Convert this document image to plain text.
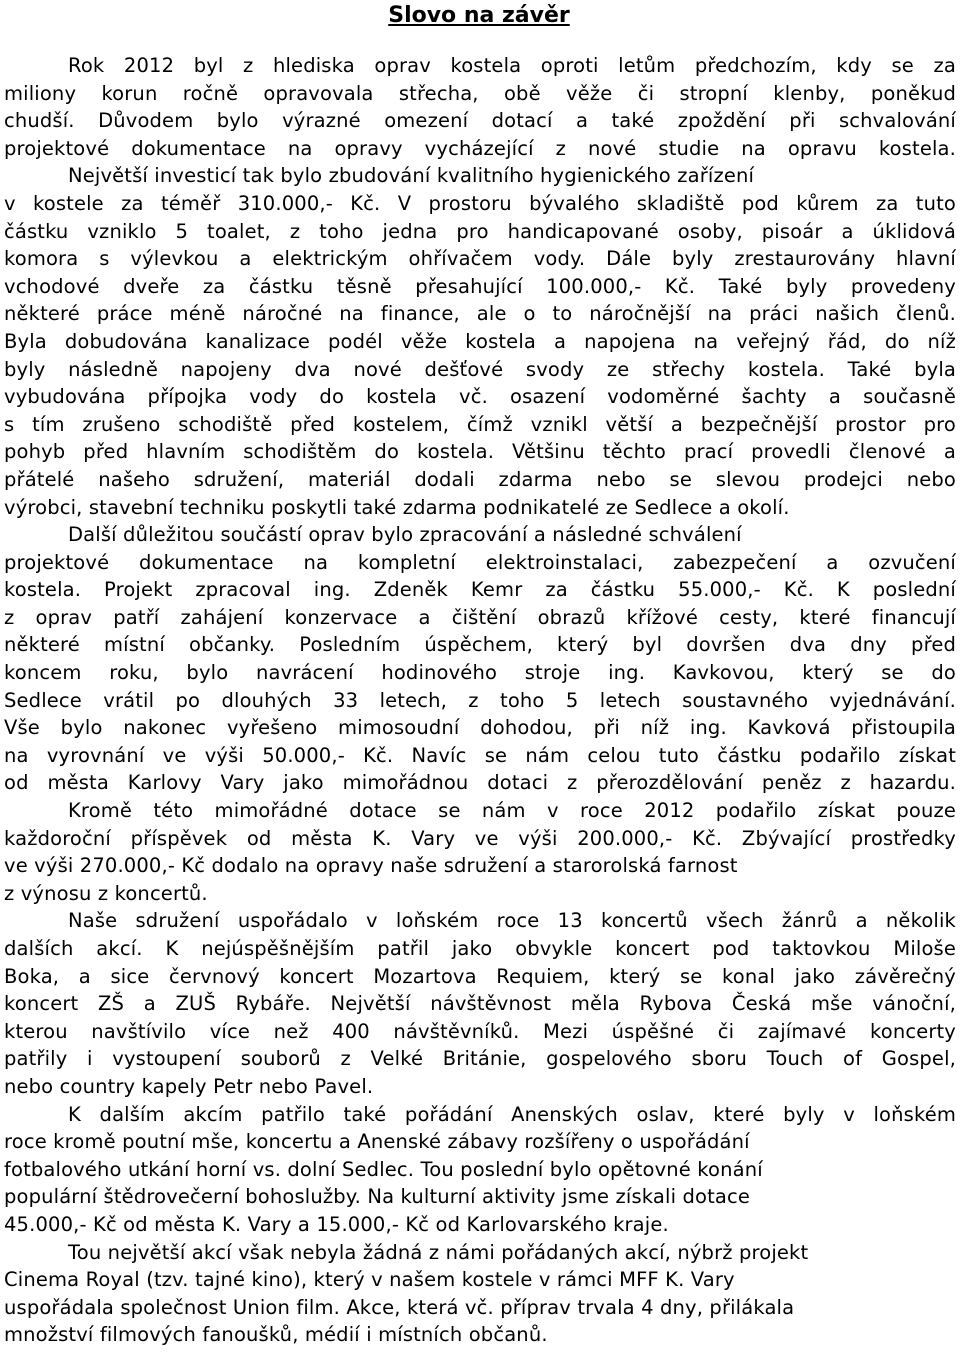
Slovo na závěr
Rok 2012 byl z hlediska oprav kostela oproti letům předchozím, kdy se za
miliony korun ročně opravovala střecha, obě věže či stropní klenby, poněkud
chudší. Důvodem bylo výrazné omezení dotací a také zpoždění při schvalování
projektové dokumentace na opravy vycházející z nové studie na opravu kostela.
Největší investicí tak bylo zbudování kvalitního hygienického zařízení
v kostele za téměř 310.000,- Kč. V prostoru bývalého skladiště pod kůrem za tuto
částku vzniklo 5 toalet, z toho jedna pro handicapované osoby, pisoár a úklidová
komora s výlevkou a elektrickým ohřívačem vody. Dále byly zrestaurovány hlavní
vchodové dveře za částku těsně přesahující 100.000,- Kč. Také byly provedeny
některé práce méně náročné na finance, ale o to náročnější na práci našich členů.
Byla dobudována kanalizace podél věže kostela a napojena na veřejný řád, do níž
byly následně napojeny dva nové dešťové svody ze střechy kostela. Také byla
vybudována přípojka vody do kostela vč. osazení vodoměrné šachty a současně
s tím zrušeno schodiště před kostelem, čímž vznikl větší a bezpečnější prostor pro
pohyb před hlavním schodištěm do kostela. Většinu těchto prací provedli členové a
přátelé našeho sdružení, materiál dodali zdarma nebo se slevou prodejci nebo
výrobci, stavební techniku poskytli také zdarma podnikatelé ze Sedlece a okolí.
Další důležitou součástí oprav bylo zpracování a následné schválení
projektové dokumentace na kompletní elektroinstalaci, zabezpečení a ozvučení
kostela. Projekt zpracoval ing. Zdeněk Kemr za částku 55.000,- Kč. K poslední
z oprav patří zahájení konzervace a čištění obrazů křížové cesty, které financují
některé místní občanky. Posledním úspěchem, který byl dovršen dva dny před
koncem roku, bylo navrácení hodinového stroje ing. Kavkovou, který se do
Sedlece vrátil po dlouhých 33 letech, z toho 5 letech soustavného vyjednávání.
Vše bylo nakonec vyřešeno mimosoudní dohodou, při níž ing. Kavková přistoupila
na vyrovnání ve výši 50.000,- Kč. Navíc se nám celou tuto částku podařilo získat
od města Karlovy Vary jako mimořádnou dotaci z přerozdělování peněz z hazardu.
Kromě této mimořádné dotace se nám v roce 2012 podařilo získat pouze
každoroční příspěvek od města K. Vary ve výši 200.000,- Kč. Zbývající prostředky
ve výši 270.000,- Kč dodalo na opravy naše sdružení a starorolská farnost
z výnosu z koncertů.
Naše sdružení uspořádalo v loňském roce 13 koncertů všech žánrů a několik
dalších akcí. K nejúspěšnějším patřil jako obvykle koncert pod taktovkou Miloše
Boka, a sice červnový koncert Mozartova Requiem, který se konal jako závěrečný
koncert ZŠ a ZUŠ Rybáře. Největší návštěvnost měla Rybova Česká mše vánoční,
kterou navštívilo více než 400 návštěvníků. Mezi úspěšné či zajímavé koncerty
patřily i vystoupení souborů z Velké Británie, gospelového sboru Touch of Gospel,
nebo country kapely Petr nebo Pavel.
K dalším akcím patřilo také pořádání Anenských oslav, které byly v loňském
roce kromě poutní mše, koncertu a Anenské zábavy rozšířeny o uspořádání
fotbalového utkání horní vs. dolní Sedlec. Tou poslední bylo opětovné konání
populární štědrovečerní bohoslužby. Na kulturní aktivity jsme získali dotace
45.000,- Kč od města K. Vary a 15.000,- Kč od Karlovarského kraje.
Tou největší akcí však nebyla žádná z námi pořádaných akcí, nýbrž projekt
Cinema Royal (tzv. tajné kino), který v našem kostele v rámci MFF K. Vary
uspořádala společnost Union film. Akce, která vč. příprav trvala 4 dny, přilákala
množství filmových fanoušků, médií i místních občanů.
